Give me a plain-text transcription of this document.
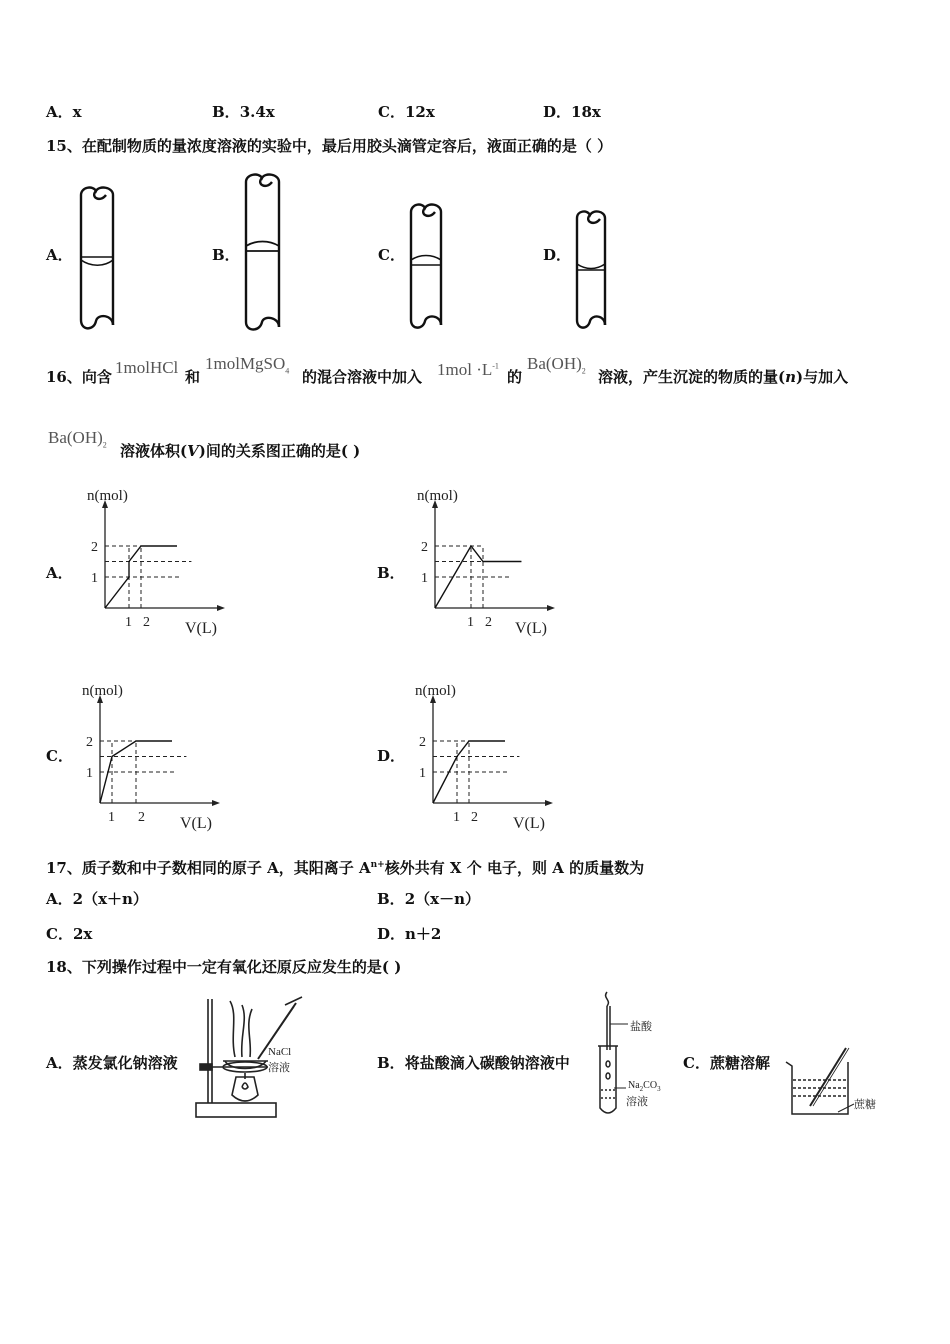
A．x	B．3.4x	C．12x	D．18x
15、在配制物质的量浓度溶液的实验中，最后用胶头滴管定容后，液面正确的是（ ）
A．	B．	C．	D．
16、向含 1molHCl 和
1molMgSO$_4$ 的混合溶液中加入 $1mol \cdot L^{-1}$
的
$Ba(OH)_2$ 溶液，产生沉淀的物质的量(n)与加入
$Ba(OH)_2$ 溶液体积(V)间的关系图正确的是( )
A．	B．
C．	D．
n(mol)
V(L)
2
1
1 2
n(mol)
V(L)
2
1
1 2
n(mol)
V(L)
2
1
1 2
n(mol)
V(L)
2
1
1 2
17、质子数和中子数相同的原子 A，其阳离子 $A^{n+}$核外共有 X 个 电子，则 A 的质量数为
A．2（x＋n）	B．2（x－n）
C．2x	D．n＋2
18、下列操作过程中一定有氧化还原反应发生的是( )
A．蒸发氯化钠溶液	B．将盐酸滴入碳酸钠溶液中	C．蔗糖溶解
NaCl
溶液
盐酸
$Na_2CO_3$
溶液	蔗糖
